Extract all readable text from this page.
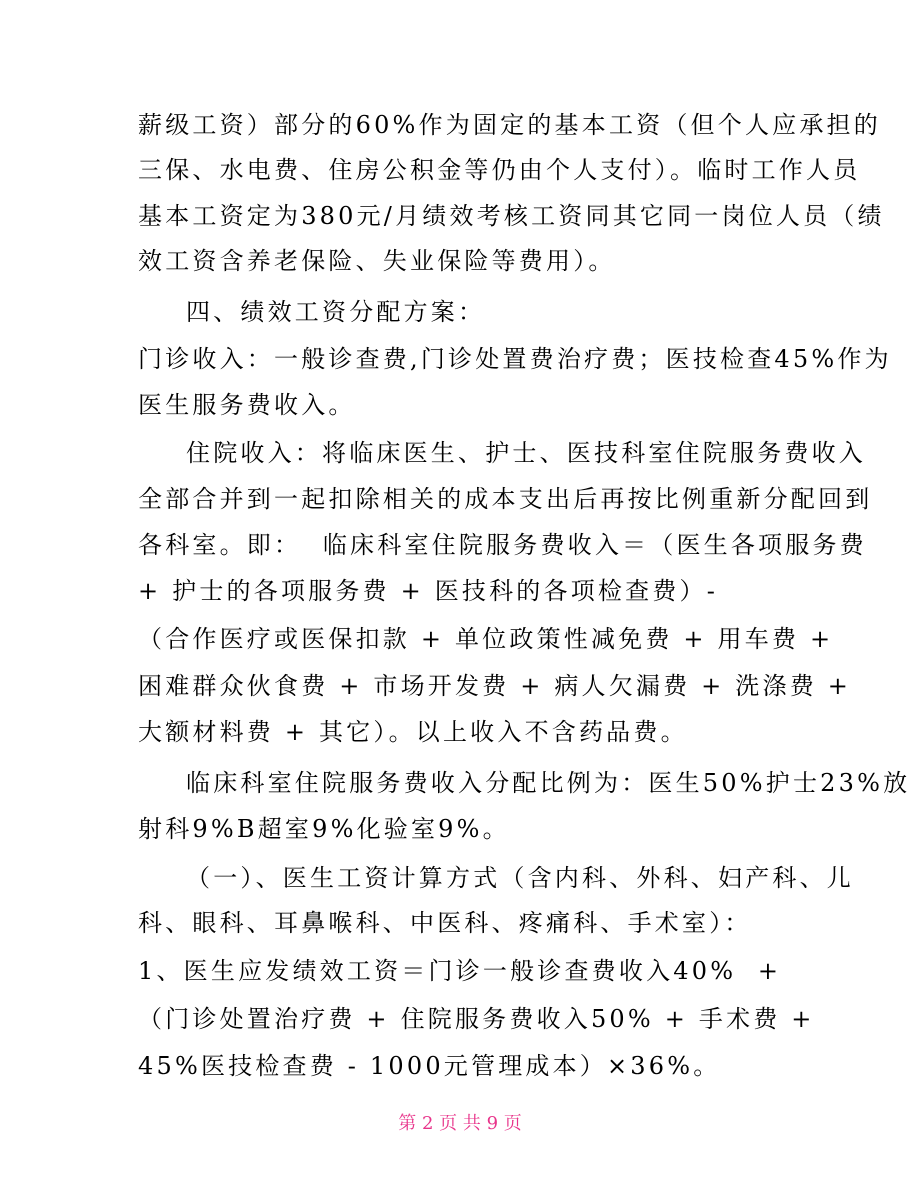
薪级工资）部分的60%作为固定的基本工资（但个人应承担的
三保、水电费、住房公积金等仍由个人支付）。临时工作人员
基本工资定为380元/月绩效考核工资同其它同一岗位人员（绩
效工资含养老保险、失业保险等费用）。
四、绩效工资分配方案：
门诊收入：一般诊查费,门诊处置费治疗费；医技检查45%作为
医生服务费收入。
住院收入：将临床医生、护士、医技科室住院服务费收入
全部合并到一起扣除相关的成本支出后再按比例重新分配回到
各科室。即：  临床科室住院服务费收入＝（医生各项服务费
+ 护士的各项服务费 + 医技科的各项检查费）-
（合作医疗或医保扣款 + 单位政策性减免费 + 用车费 +
困难群众伙食费 + 市场开发费 + 病人欠漏费 + 洗涤费 +
大额材料费 + 其它）。以上收入不含药品费。
临床科室住院服务费收入分配比例为：医生50%护士23%放
射科9%B超室9%化验室9%。
（一）、医生工资计算方式（含内科、外科、妇产科、儿
科、眼科、耳鼻喉科、中医科、疼痛科、手术室）：
1、医生应发绩效工资＝门诊一般诊查费收入40%  +
（门诊处置治疗费 + 住院服务费收入50% + 手术费 +
45%医技检查费 - 1000元管理成本）×36%。
第 2 页 共 9 页
